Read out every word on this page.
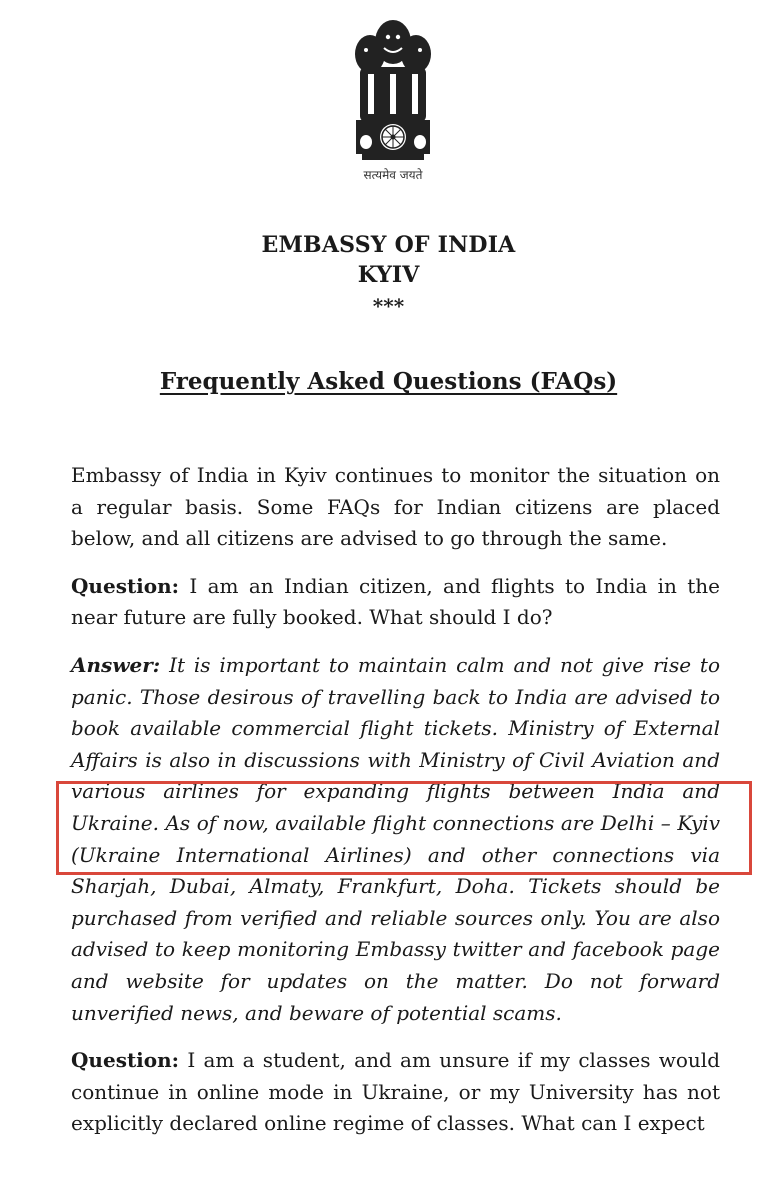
सत्यमेव जयते
EMBASSY OF INDIA
KYIV
***
Frequently Asked Questions (FAQs)

Embassy of India in Kyiv continues to monitor the situation on a regular basis. Some FAQs for Indian citizens are placed below, and all citizens are advised to go through the same.

Question: I am an Indian citizen, and flights to India in the near future are fully booked. What should I do?

Answer: It is important to maintain calm and not give rise to panic. Those desirous of travelling back to India are advised to book available commercial flight tickets. Ministry of External Affairs is also in discussions with Ministry of Civil Aviation and various airlines for expanding flights between India and Ukraine. As of now, available flight connections are Delhi – Kyiv (Ukraine International Airlines) and other connections via Sharjah, Dubai, Almaty, Frankfurt, Doha. Tickets should be purchased from verified and reliable sources only. You are also advised to keep monitoring Embassy twitter and facebook page and website for updates on the matter. Do not forward unverified news, and beware of potential scams.

Question: I am a student, and am unsure if my classes would continue in online mode in Ukraine, or my University has not explicitly declared online regime of classes. What can I expect
